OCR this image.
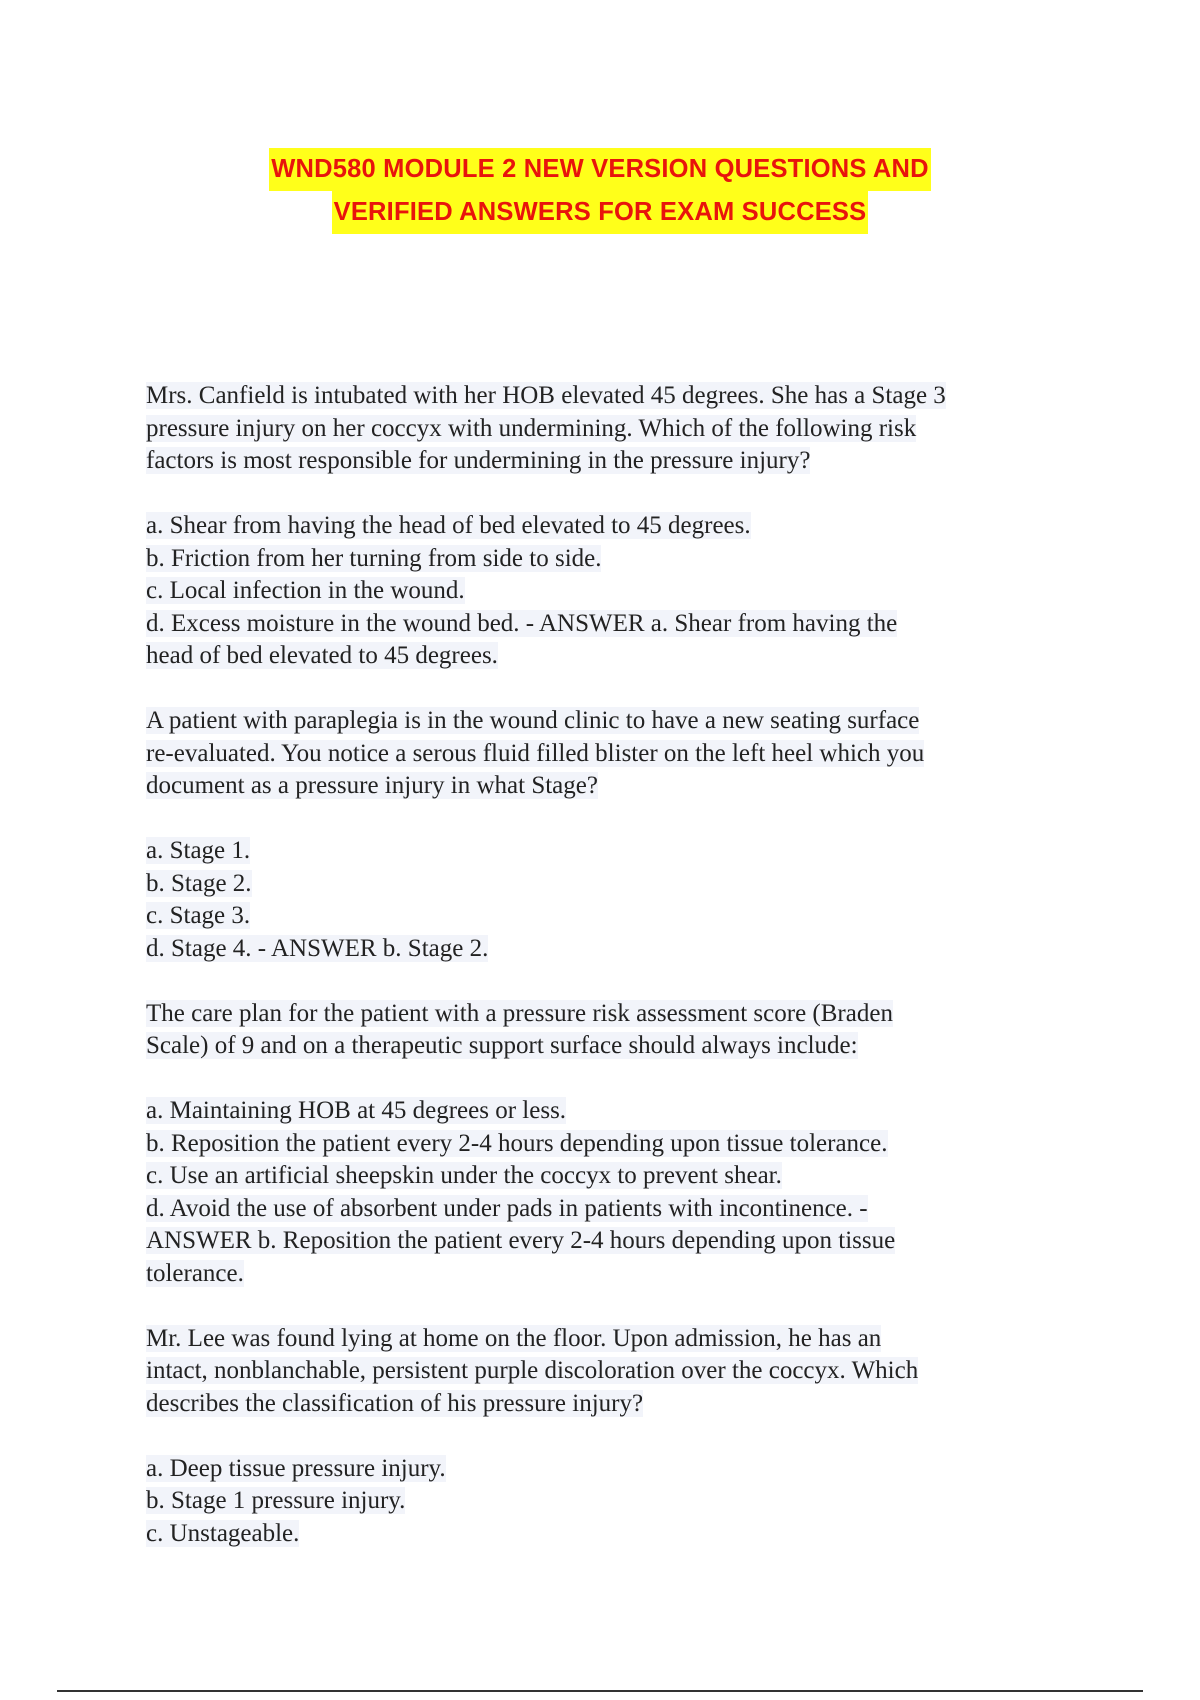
WND580 MODULE 2 NEW VERSION QUESTIONS AND
VERIFIED ANSWERS FOR EXAM SUCCESS
Mrs. Canfield is intubated with her HOB elevated 45 degrees. She has a Stage 3
pressure injury on her coccyx with undermining. Which of the following risk
factors is most responsible for undermining in the pressure injury?
a. Shear from having the head of bed elevated to 45 degrees.
b. Friction from her turning from side to side.
c. Local infection in the wound.
d. Excess moisture in the wound bed. - ANSWER a. Shear from having the
head of bed elevated to 45 degrees.
A patient with paraplegia is in the wound clinic to have a new seating surface
re-evaluated. You notice a serous fluid filled blister on the left heel which you
document as a pressure injury in what Stage?
a. Stage 1.
b. Stage 2.
c. Stage 3.
d. Stage 4. - ANSWER b. Stage 2.
The care plan for the patient with a pressure risk assessment score (Braden
Scale) of 9 and on a therapeutic support surface should always include:
a. Maintaining HOB at 45 degrees or less.
b. Reposition the patient every 2-4 hours depending upon tissue tolerance.
c. Use an artificial sheepskin under the coccyx to prevent shear.
d. Avoid the use of absorbent under pads in patients with incontinence. -
ANSWER b. Reposition the patient every 2-4 hours depending upon tissue
tolerance.
Mr. Lee was found lying at home on the floor. Upon admission, he has an
intact, nonblanchable, persistent purple discoloration over the coccyx. Which
describes the classification of his pressure injury?
a. Deep tissue pressure injury.
b. Stage 1 pressure injury.
c. Unstageable.
